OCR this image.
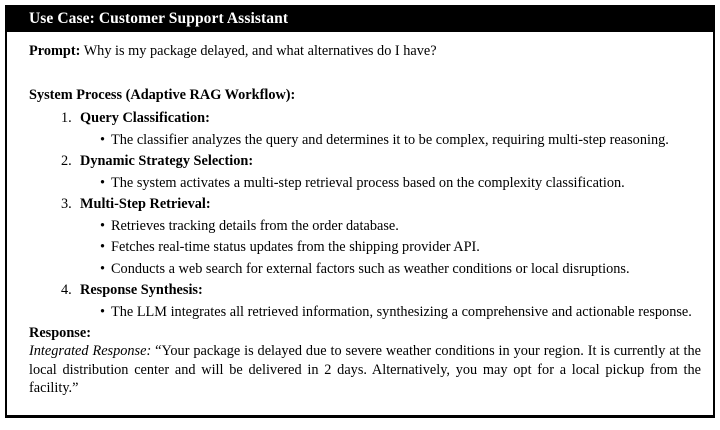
Use Case: Customer Support Assistant

Prompt: Why is my package delayed, and what alternatives do I have?

System Process (Adaptive RAG Workflow):

1. Query Classification:
• The classifier analyzes the query and determines it to be complex, requiring multi-step reasoning.
2. Dynamic Strategy Selection:
• The system activates a multi-step retrieval process based on the complexity classification.
3. Multi-Step Retrieval:
• Retrieves tracking details from the order database.
• Fetches real-time status updates from the shipping provider API.
• Conducts a web search for external factors such as weather conditions or local disruptions.
4. Response Synthesis:
• The LLM integrates all retrieved information, synthesizing a comprehensive and actionable response.

Response:

Integrated Response: “Your package is delayed due to severe weather conditions in your region. It is currently at the local distribution center and will be delivered in 2 days. Alternatively, you may opt for a local pickup from the facility.”
